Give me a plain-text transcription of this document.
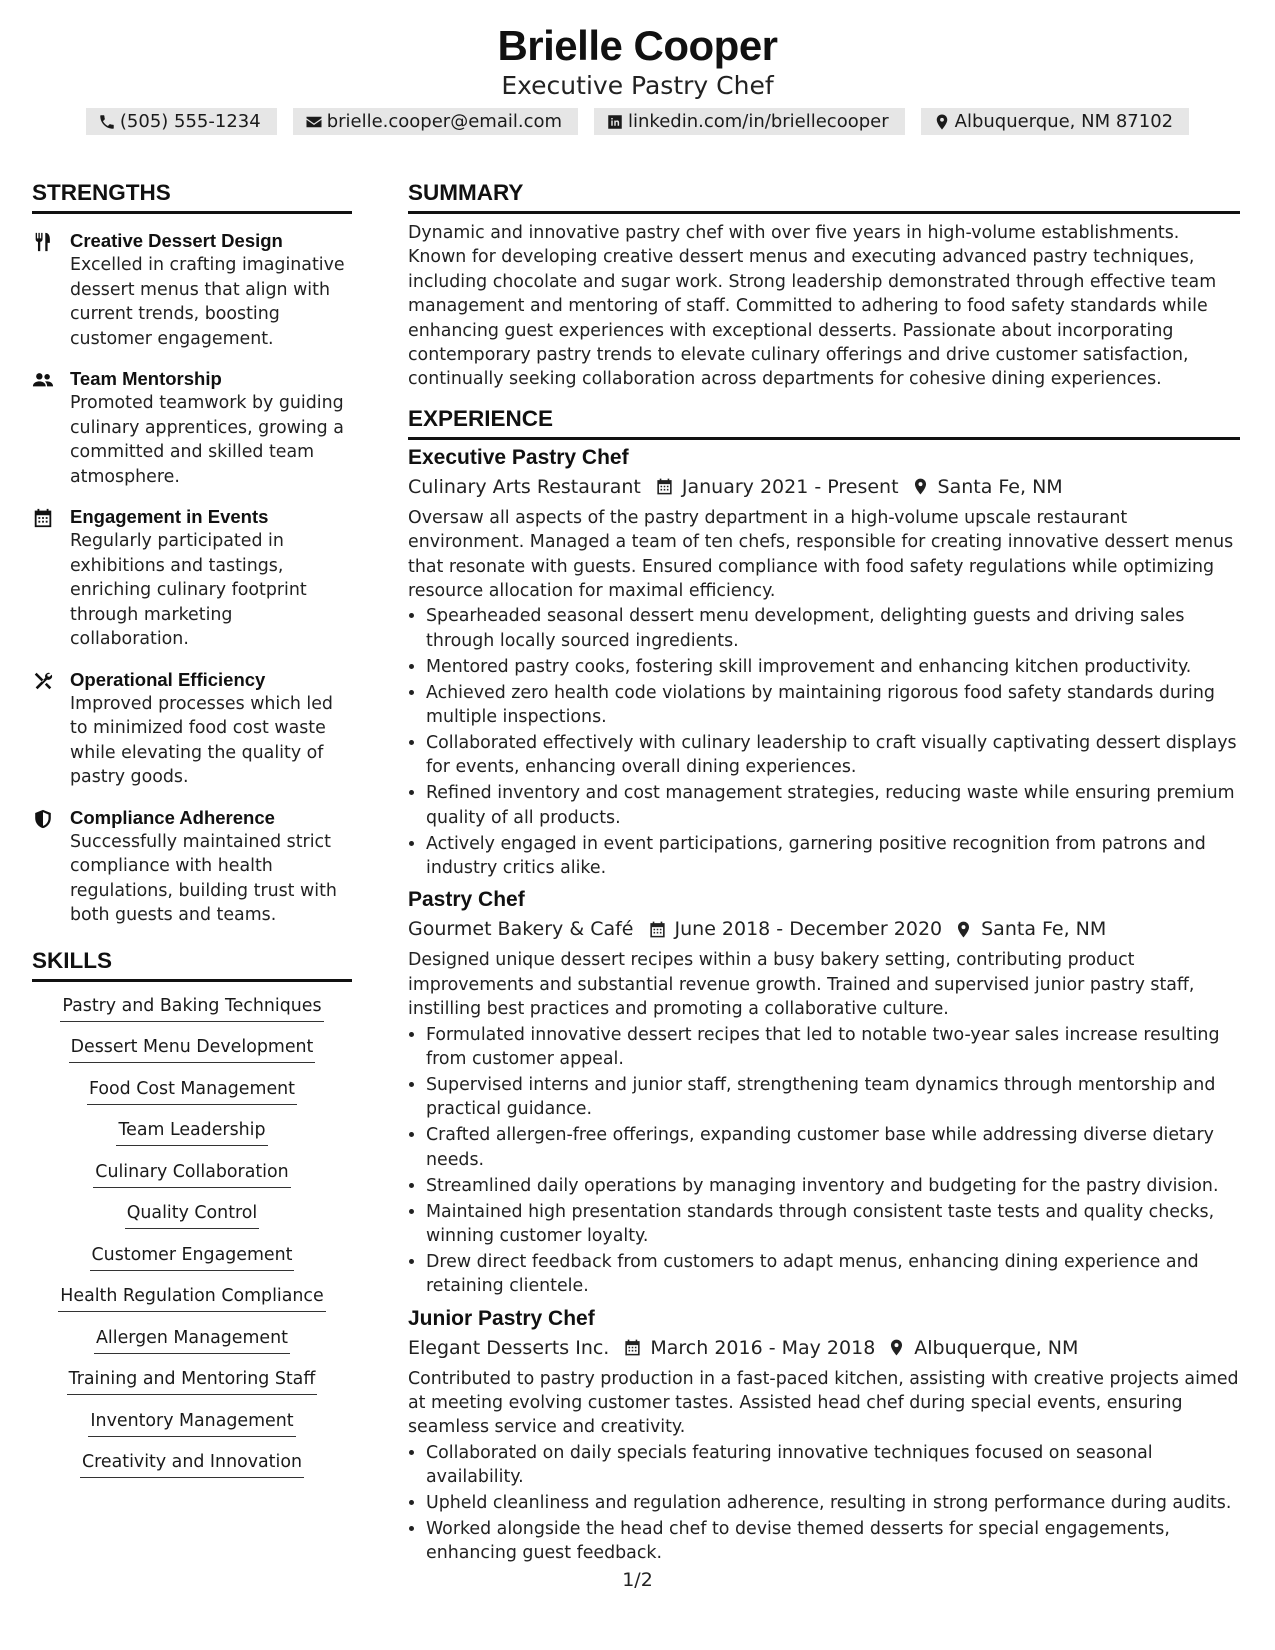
Brielle Cooper
Executive Pastry Chef
(505) 555-1234	brielle.cooper@email.com	linkedin.com/in/briellecooper	Albuquerque, NM 87102
STRENGTHS
Creative Dessert Design
Excelled in crafting imaginative dessert menus that align with current trends, boosting customer engagement.
Team Mentorship
Promoted teamwork by guiding culinary apprentices, growing a committed and skilled team atmosphere.
Engagement in Events
Regularly participated in exhibitions and tastings, enriching culinary footprint through marketing collaboration.
Operational Efficiency
Improved processes which led to minimized food cost waste while elevating the quality of pastry goods.
Compliance Adherence
Successfully maintained strict compliance with health regulations, building trust with both guests and teams.
SKILLS
Pastry and Baking Techniques
Dessert Menu Development
Food Cost Management
Team Leadership
Culinary Collaboration
Quality Control
Customer Engagement
Health Regulation Compliance
Allergen Management
Training and Mentoring Staff
Inventory Management
Creativity and Innovation
SUMMARY
Dynamic and innovative pastry chef with over five years in high-volume establishments. Known for developing creative dessert menus and executing advanced pastry techniques, including chocolate and sugar work. Strong leadership demonstrated through effective team management and mentoring of staff. Committed to adhering to food safety standards while enhancing guest experiences with exceptional desserts. Passionate about incorporating contemporary pastry trends to elevate culinary offerings and drive customer satisfaction, continually seeking collaboration across departments for cohesive dining experiences.
EXPERIENCE
Executive Pastry Chef
Culinary Arts Restaurant January 2021 - Present Santa Fe, NM
Oversaw all aspects of the pastry department in a high-volume upscale restaurant environment. Managed a team of ten chefs, responsible for creating innovative dessert menus that resonate with guests. Ensured compliance with food safety regulations while optimizing resource allocation for maximal efficiency.
• Spearheaded seasonal dessert menu development, delighting guests and driving sales through locally sourced ingredients.
• Mentored pastry cooks, fostering skill improvement and enhancing kitchen productivity.
• Achieved zero health code violations by maintaining rigorous food safety standards during multiple inspections.
• Collaborated effectively with culinary leadership to craft visually captivating dessert displays for events, enhancing overall dining experiences.
• Refined inventory and cost management strategies, reducing waste while ensuring premium quality of all products.
• Actively engaged in event participations, garnering positive recognition from patrons and industry critics alike.
Pastry Chef
Gourmet Bakery & Café June 2018 - December 2020 Santa Fe, NM
Designed unique dessert recipes within a busy bakery setting, contributing product improvements and substantial revenue growth. Trained and supervised junior pastry staff, instilling best practices and promoting a collaborative culture.
• Formulated innovative dessert recipes that led to notable two-year sales increase resulting from customer appeal.
• Supervised interns and junior staff, strengthening team dynamics through mentorship and practical guidance.
• Crafted allergen-free offerings, expanding customer base while addressing diverse dietary needs.
• Streamlined daily operations by managing inventory and budgeting for the pastry division.
• Maintained high presentation standards through consistent taste tests and quality checks, winning customer loyalty.
• Drew direct feedback from customers to adapt menus, enhancing dining experience and retaining clientele.
Junior Pastry Chef
Elegant Desserts Inc. March 2016 - May 2018 Albuquerque, NM
Contributed to pastry production in a fast-paced kitchen, assisting with creative projects aimed at meeting evolving customer tastes. Assisted head chef during special events, ensuring seamless service and creativity.
• Collaborated on daily specials featuring innovative techniques focused on seasonal availability.
• Upheld cleanliness and regulation adherence, resulting in strong performance during audits.
• Worked alongside the head chef to devise themed desserts for special engagements, enhancing guest feedback.
1/2
